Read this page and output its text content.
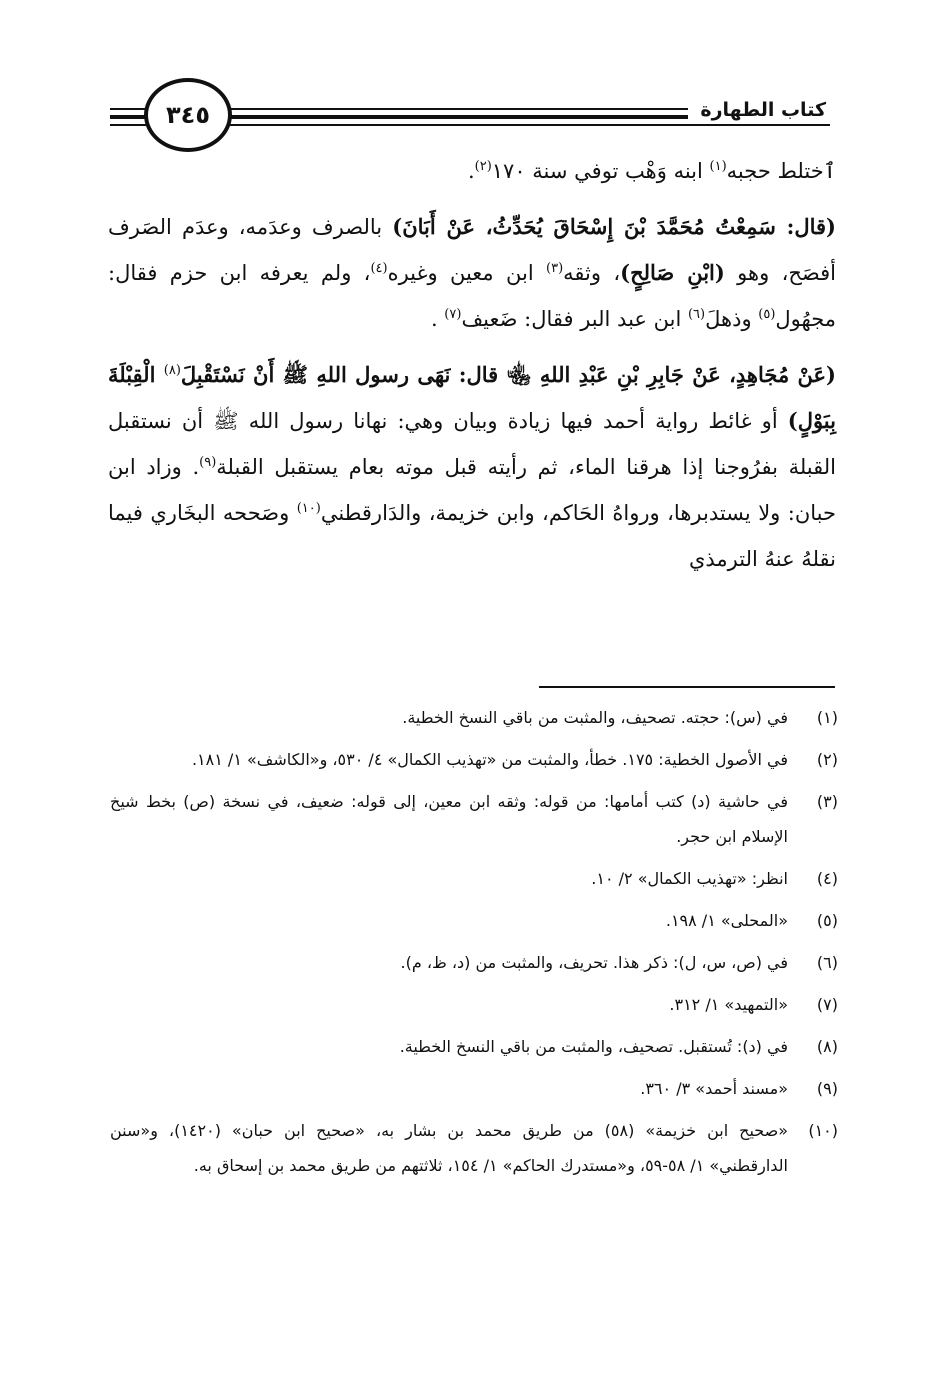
كتاب الطهارة
٣٤٥

ٱختلط حجبه$^{(١)}$ ابنه وَهْب توفي سنة ١٧٠$^{(٢)}$.

(قال: سَمِعْتُ مُحَمَّدَ بْنَ إِسْحَاقَ يُحَدِّثُ، عَنْ أَبَانَ) بالصرف وعدَمه، وعدَم الصَرف أفصَح، وهو (ابْنِ صَالِحٍ)، وثقه$^{(٣)}$ ابن معين وغيره$^{(٤)}$، ولم يعرفه ابن حزم فقال: مجهُول$^{(٥)}$ وذهلَ$^{(٦)}$ ابن عبد البر فقال: ضَعيف$^{(٧)}$ .

(عَنْ مُجَاهِدٍ، عَنْ جَابِرِ بْنِ عَبْدِ اللهِ ﵄ قال: نَهَى رسول اللهِ ﷺ أَنْ نَسْتَقْبِلَ$^{(٨)}$ الْقِبْلَةَ بِبَوْلٍ) أو غائط رواية أحمد فيها زيادة وبيان وهي: نهانا رسول الله ﷺ أن نستقبل القبلة بفرُوجنا إذا هرقنا الماء، ثم رأيته قبل موته بعام يستقبل القبلة$^{(٩)}$. وزاد ابن حبان: ولا يستدبرها، ورواهُ الحَاكم، وابن خزيمة، والدَارقطني$^{(١٠)}$ وصَححه البخَاري فيما نقلهُ عنهُ الترمذي

(١)
في (س): حجته. تصحيف، والمثبت من باقي النسخ الخطية.
(٢)
في الأصول الخطية: ١٧٥. خطأ، والمثبت من «تهذيب الكمال» ٤/ ٥٣٠، و«الكاشف» ١/ ١٨١.
(٣)
في حاشية (د) كتب أمامها: من قوله: وثقه ابن معين، إلى قوله: ضعيف، في نسخة (ص) بخط شيخ الإسلام ابن حجر.
(٤)
انظر: «تهذيب الكمال» ٢/ ١٠.
(٥)
«المحلى» ١/ ١٩٨.
(٦)
في (ص، س، ل): ذكر هذا. تحريف، والمثبت من (د، ظ، م).
(٧)
«التمهيد» ١/ ٣١٢.
(٨)
في (د): تُستقبل. تصحيف، والمثبت من باقي النسخ الخطية.
(٩)
«مسند أحمد» ٣/ ٣٦٠.
(١٠)
«صحيح ابن خزيمة» (٥٨) من طريق محمد بن بشار به، «صحيح ابن حبان» (١٤٢٠)، و«سنن الدارقطني» ١/ ٥٨-٥٩، و«مستدرك الحاكم» ١/ ١٥٤، ثلاثتهم من طريق محمد بن إسحاق به.
